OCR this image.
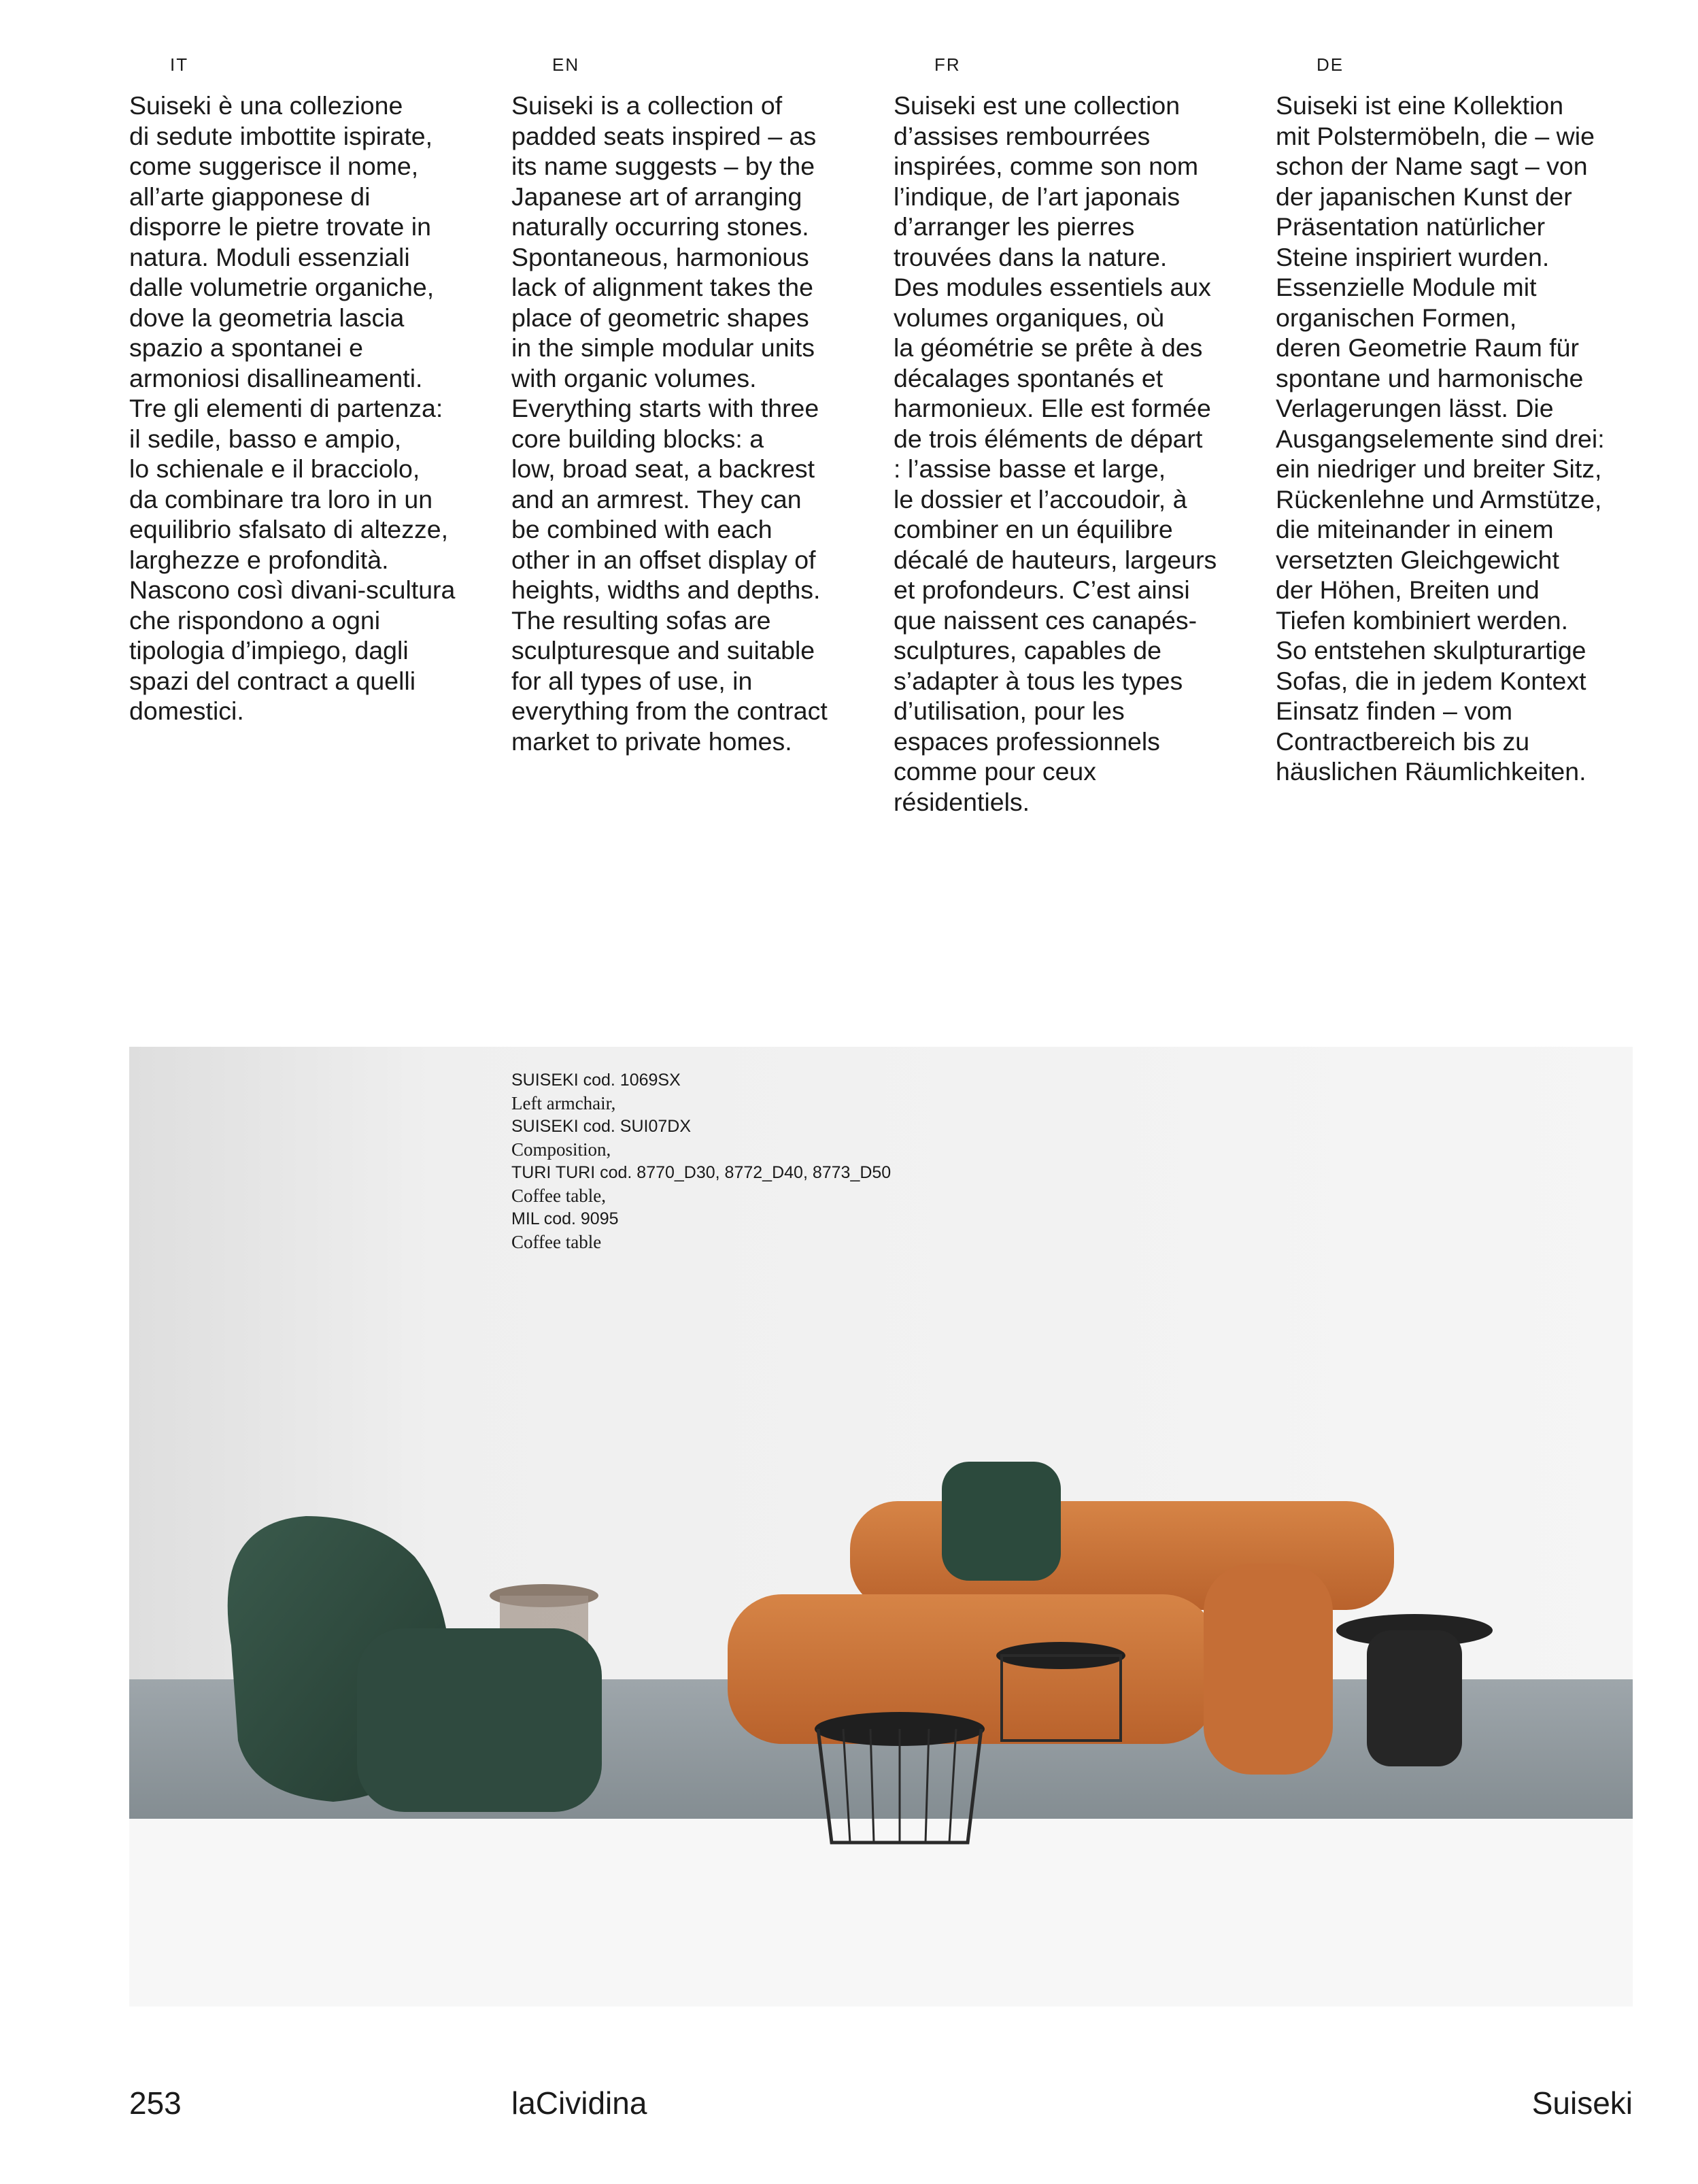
IT

Suiseki è una collezione
di sedute imbottite ispirate,
come suggerisce il nome,
all’arte giapponese di
disporre le pietre trovate in
natura. Moduli essenziali
dalle volumetrie organiche,
dove la geometria lascia
spazio a spontanei e
armoniosi disallineamenti.
Tre gli elementi di partenza:
il sedile, basso e ampio,
lo schienale e il bracciolo,
da combinare tra loro in un
equilibrio sfalsato di altezze,
larghezze e profondità.
Nascono così divani-scultura
che rispondono a ogni
tipologia d’impiego, dagli
spazi del contract a quelli
domestici.

EN

Suiseki is a collection of
padded seats inspired – as
its name suggests – by the
Japanese art of arranging
naturally occurring stones.
Spontaneous, harmonious
lack of alignment takes the
place of geometric shapes
in the simple modular units
with organic volumes.
Everything starts with three
core building blocks: a
low, broad seat, a backrest
and an armrest. They can
be combined with each
other in an offset display of
heights, widths and depths.
The resulting sofas are
sculpturesque and suitable
for all types of use, in
everything from the contract
market to private homes.

FR

Suiseki est une collection
d’assises rembourrées
inspirées, comme son nom
l’indique, de l’art japonais
d’arranger les pierres
trouvées dans la nature.
Des modules essentiels aux
volumes organiques, où
la géométrie se prête à des
décalages spontanés et
harmonieux. Elle est formée
de trois éléments de départ
: l’assise basse et large,
le dossier et l’accoudoir, à
combiner en un équilibre
décalé de hauteurs, largeurs
et profondeurs. C’est ainsi
que naissent ces canapés-
sculptures, capables de
s’adapter à tous les types
d’utilisation, pour les
espaces professionnels
comme pour ceux
résidentiels.

DE

Suiseki ist eine Kollektion
mit Polstermöbeln, die – wie
schon der Name sagt – von
der japanischen Kunst der
Präsentation natürlicher
Steine inspiriert wurden.
Essenzielle Module mit
organischen Formen,
deren Geometrie Raum für
spontane und harmonische
Verlagerungen lässt. Die
Ausgangselemente sind drei:
ein niedriger und breiter Sitz,
Rückenlehne und Armstütze,
die miteinander in einem
versetzten Gleichgewicht
der Höhen, Breiten und
Tiefen kombiniert werden.
So entstehen skulpturartige
Sofas, die in jedem Kontext
Einsatz finden – vom
Contractbereich bis zu
häuslichen Räumlichkeiten.

SUISEKI cod. 1069SX
Left armchair,
SUISEKI cod. SUI07DX
Composition,
TURI TURI cod. 8770_D30, 8772_D40, 8773_D50
Coffee table,
MIL cod. 9095
Coffee table
253	laCividina	Suiseki
